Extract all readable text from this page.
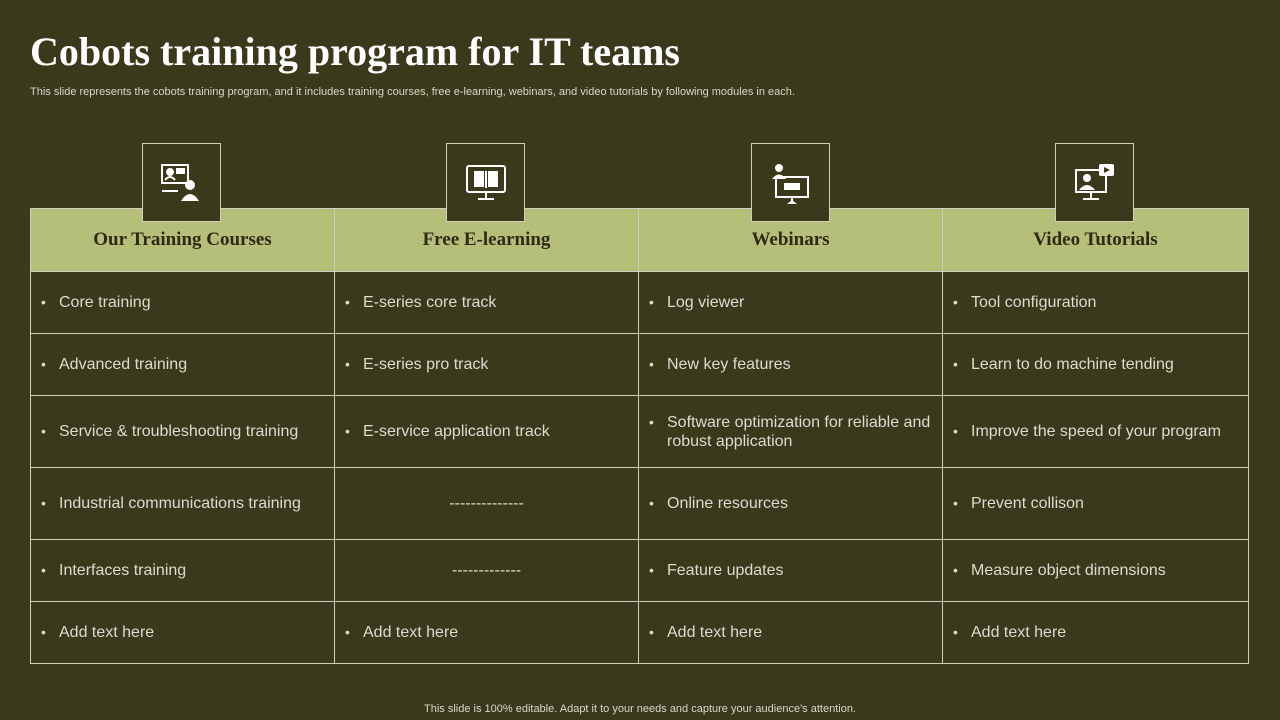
Cobots training program for IT teams
This slide represents the cobots training program, and it includes training courses, free e-learning, webinars, and video tutorials by following modules in each.
Our Training Courses	Free E-learning	Webinars	Video Tutorials

• Core training	• E-series core track	• Log viewer	• Tool configuration

• Advanced training	• E-series pro track	• New key features	• Learn to do machine tending

• Service & troubleshooting training	• E-service application track	• Software optimization for reliable and robust application	• Improve the speed of your program

• Industrial communications training	--------------	• Online resources	• Prevent collison

• Interfaces training	-------------	• Feature updates	• Measure object dimensions

• Add text here	• Add text here	• Add text here	• Add text here
This slide is 100% editable. Adapt it to your needs and capture your audience's attention.
